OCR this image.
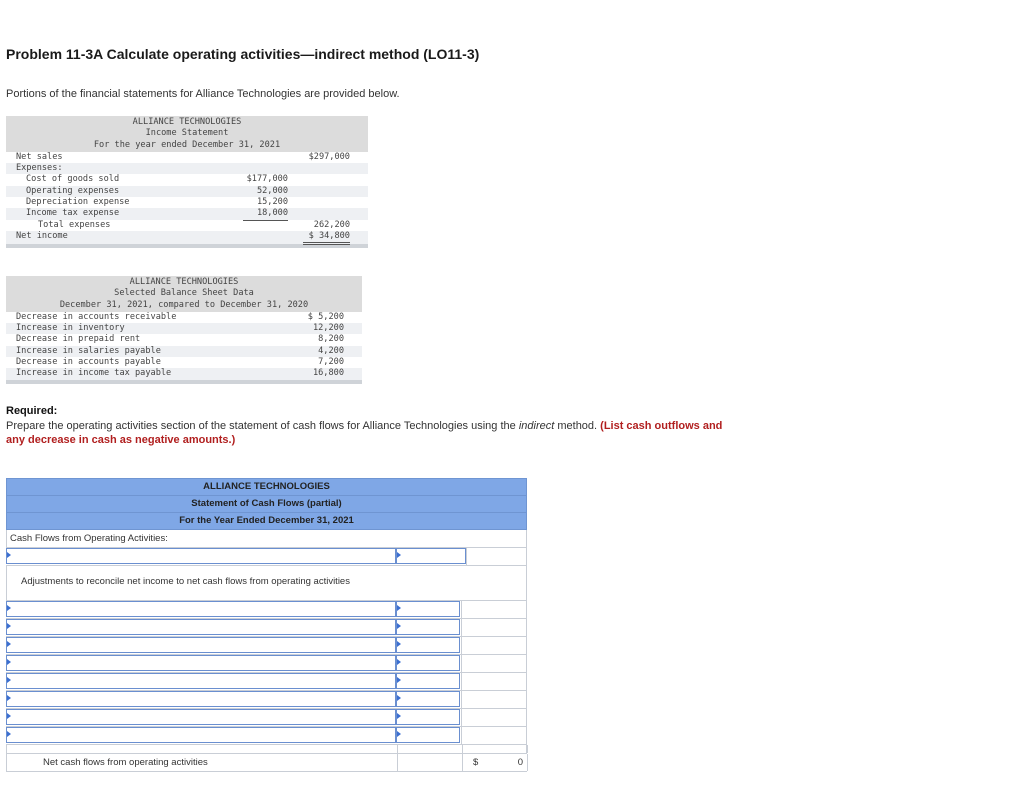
Problem 11-3A Calculate operating activities—indirect method (LO11-3)
Portions of the financial statements for Alliance Technologies are provided below.
ALLIANCE TECHNOLOGIES
Income Statement
For the year ended December 31, 2021
Net sales	$297,000
Expenses:
Cost of goods sold	$177,000
Operating expenses	52,000
Depreciation expense	15,200
Income tax expense	18,000
Total expenses	262,200
Net income	$ 34,800
ALLIANCE TECHNOLOGIES
Selected Balance Sheet Data
December 31, 2021, compared to December 31, 2020
Decrease in accounts receivable	$ 5,200
Increase in inventory	12,200
Decrease in prepaid rent	8,200
Increase in salaries payable	4,200
Decrease in accounts payable	7,200
Increase in income tax payable	16,800
Required:
Prepare the operating activities section of the statement of cash flows for Alliance Technologies using the indirect method. (List cash outflows and any decrease in cash as negative amounts.)
ALLIANCE TECHNOLOGIES
Statement of Cash Flows (partial)
For the Year Ended December 31, 2021
Cash Flows from Operating Activities:
Adjustments to reconcile net income to net cash flows from operating activities
Net cash flows from operating activities	$	0
